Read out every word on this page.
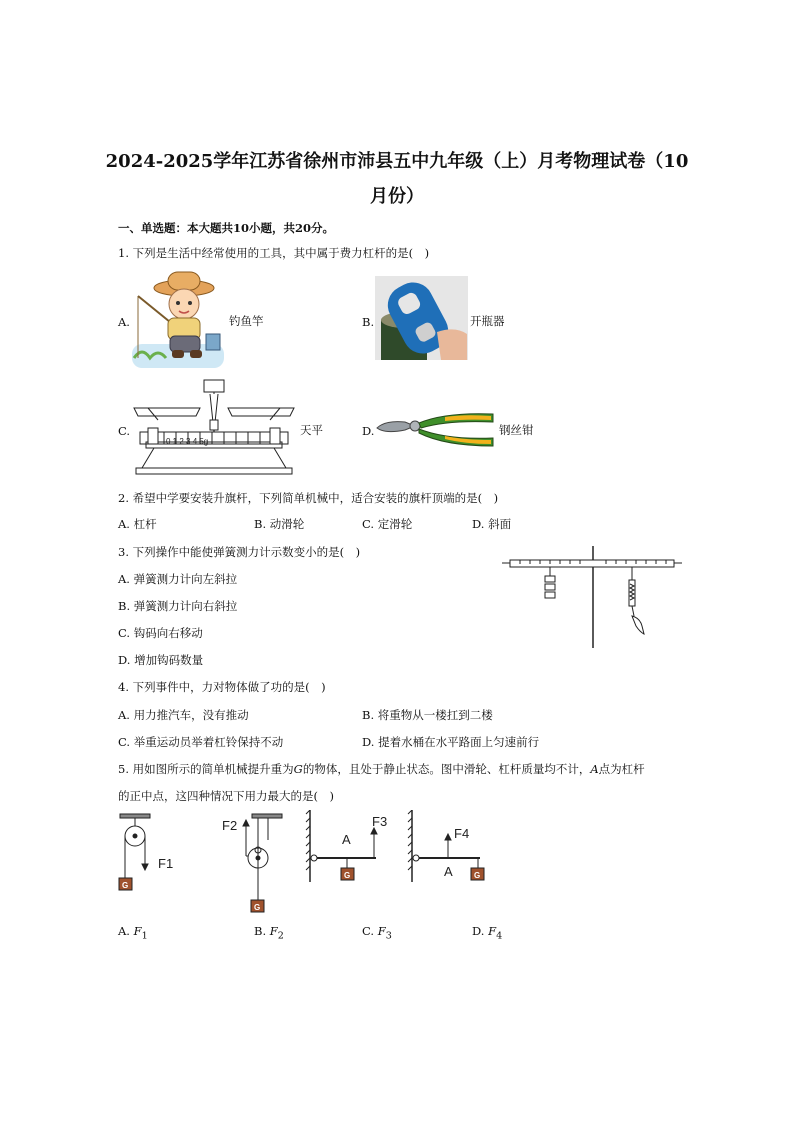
2024-2025学年江苏省徐州市沛县五中九年级（上）月考物理试卷（10
月份）
一、单选题：本大题共10小题，共20分。
1. 下列是生活中经常使用的工具，其中属于费力杠杆的是(　)
A.	钓鱼竿	B.	开瓶器
C.
0 1 2 3 4 5g
天平	D.	钢丝钳
2. 希望中学要安装升旗杆，下列简单机械中，适合安装的旗杆顶端的是(　)
A. 杠杆	B. 动滑轮	C. 定滑轮	D. 斜面
3. 下列操作中能使弹簧测力计示数变小的是(　)
A. 弹簧测力计向左斜拉
B. 弹簧测力计向右斜拉
C. 钩码向右移动
D. 增加钩码数量
4. 下列事件中，力对物体做了功的是(　)
A. 用力推汽车，没有推动	B. 将重物从一楼扛到二楼
C. 举重运动员举着杠铃保持不动	D. 提着水桶在水平路面上匀速前行
5. 用如图所示的简单机械提升重为G的物体，且处于静止状态。图中滑轮、杠杆质量均不计，A点为杠杆
的正中点，这四种情况下用力最大的是(　)
F1
F2	F3
F4
A
A
G
G
G	G
A. $F_1$	B. $F_2$	C. $F_3$	D. $F_4$
